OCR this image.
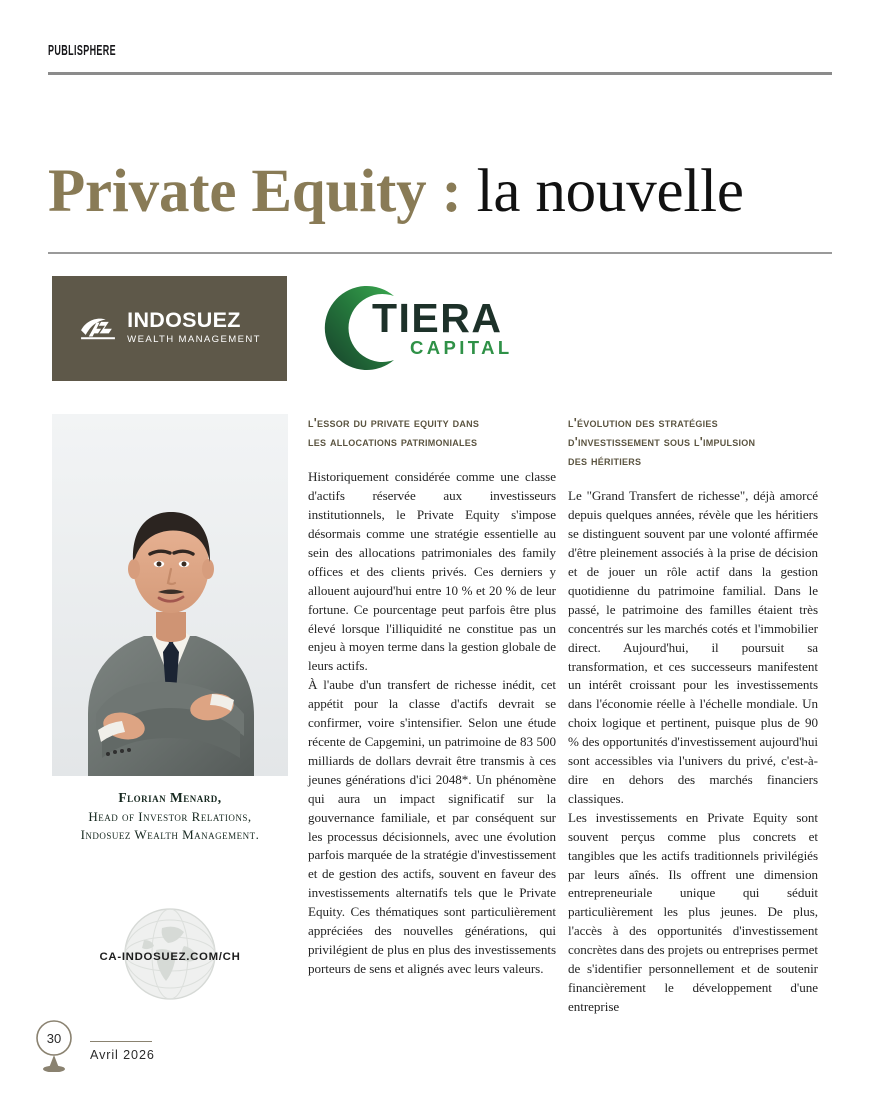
PUBLISPHERE
Private Equity : la nouvelle
INDOSUEZ
WEALTH MANAGEMENT	TIERA CAPITAL
Florian Menard,
Head of Investor Relations,
Indosuez Wealth Management.
CA-INDOSUEZ.COM/CH
l'essor du private equity dans
les allocations patrimoniales

Historiquement considérée comme une classe d'actifs réservée aux investisseurs institutionnels, le Private Equity s'impose désormais comme une stratégie essentielle au sein des allocations patrimoniales des family offices et des clients privés. Ces derniers y allouent aujourd'hui entre 10 % et 20 % de leur fortune. Ce pourcentage peut parfois être plus élevé lorsque l'illiquidité ne constitue pas un enjeu à moyen terme dans la gestion globale de leurs actifs.

À l'aube d'un transfert de richesse inédit, cet appétit pour la classe d'actifs devrait se confirmer, voire s'intensifier. Selon une étude récente de Capgemini, un patrimoine de 83 500 milliards de dollars devrait être transmis à ces jeunes générations d'ici 2048*. Un phénomène qui aura un impact significatif sur la gouvernance familiale, et par conséquent sur les processus décisionnels, avec une évolution parfois marquée de la stratégie d'investissement et de gestion des actifs, souvent en faveur des investissements alternatifs tels que le Private Equity. Ces thématiques sont particulièrement appréciées des nouvelles générations, qui privilégient de plus en plus des investissements porteurs de sens et alignés avec leurs valeurs.

l'évolution des stratégies
d'investissement sous l'impulsion
des héritiers

Le "Grand Transfert de richesse", déjà amorcé depuis quelques années, révèle que les héritiers se distinguent souvent par une volonté affirmée d'être pleinement associés à la prise de décision et de jouer un rôle actif dans la gestion quotidienne du patrimoine familial. Dans le passé, le patrimoine des familles étaient très concentrés sur les marchés cotés et l'immobilier direct. Aujourd'hui, il poursuit sa transformation, et ces successeurs manifestent un intérêt croissant pour les investissements dans l'économie réelle à l'échelle mondiale. Un choix logique et pertinent, puisque plus de 90 % des opportunités d'investissement aujourd'hui sont accessibles via l'univers du privé, c'est-à-dire en dehors des marchés financiers classiques.

Les investissements en Private Equity sont souvent perçus comme plus concrets et tangibles que les actifs traditionnels privilégiés par leurs aînés. Ils offrent une dimension entrepreneuriale unique qui séduit particulièrement les plus jeunes. De plus, l'accès à des opportunités d'investissement concrètes dans des projets ou entreprises permet de s'identifier personnellement et de soutenir financièrement le développement d'une entreprise

30
Avril 2026
